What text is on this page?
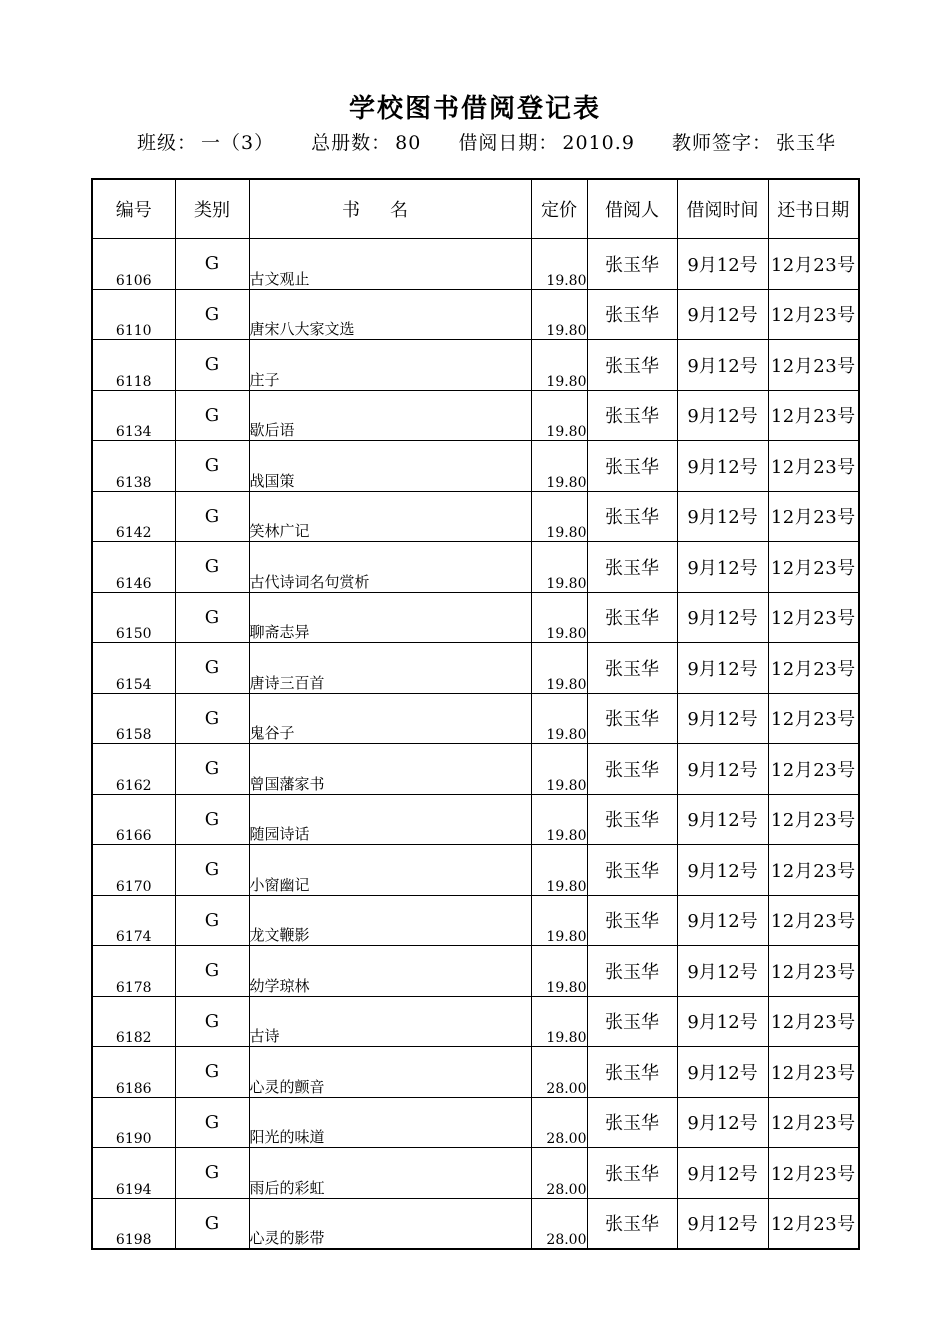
学校图书借阅登记表
班级： 一（3） 总册数： 80 借阅日期： 2010.9 教师签字： 张玉华
编号	类别	书名	定价	借阅人	借阅时间	还书日期
6106	G	古文观止	19.80	张玉华	9月12号	12月23号
6110	G	唐宋八大家文选	19.80	张玉华	9月12号	12月23号
6118	G	庄子	19.80	张玉华	9月12号	12月23号
6134	G	歇后语	19.80	张玉华	9月12号	12月23号
6138	G	战国策	19.80	张玉华	9月12号	12月23号
6142	G	笑林广记	19.80	张玉华	9月12号	12月23号
6146	G	古代诗词名句赏析	19.80	张玉华	9月12号	12月23号
6150	G	聊斋志异	19.80	张玉华	9月12号	12月23号
6154	G	唐诗三百首	19.80	张玉华	9月12号	12月23号
6158	G	鬼谷子	19.80	张玉华	9月12号	12月23号
6162	G	曾国藩家书	19.80	张玉华	9月12号	12月23号
6166	G	随园诗话	19.80	张玉华	9月12号	12月23号
6170	G	小窗幽记	19.80	张玉华	9月12号	12月23号
6174	G	龙文鞭影	19.80	张玉华	9月12号	12月23号
6178	G	幼学琼林	19.80	张玉华	9月12号	12月23号
6182	G	古诗	19.80	张玉华	9月12号	12月23号
6186	G	心灵的颤音	28.00	张玉华	9月12号	12月23号
6190	G	阳光的味道	28.00	张玉华	9月12号	12月23号
6194	G	雨后的彩虹	28.00	张玉华	9月12号	12月23号
6198	G	心灵的影带	28.00	张玉华	9月12号	12月23号
